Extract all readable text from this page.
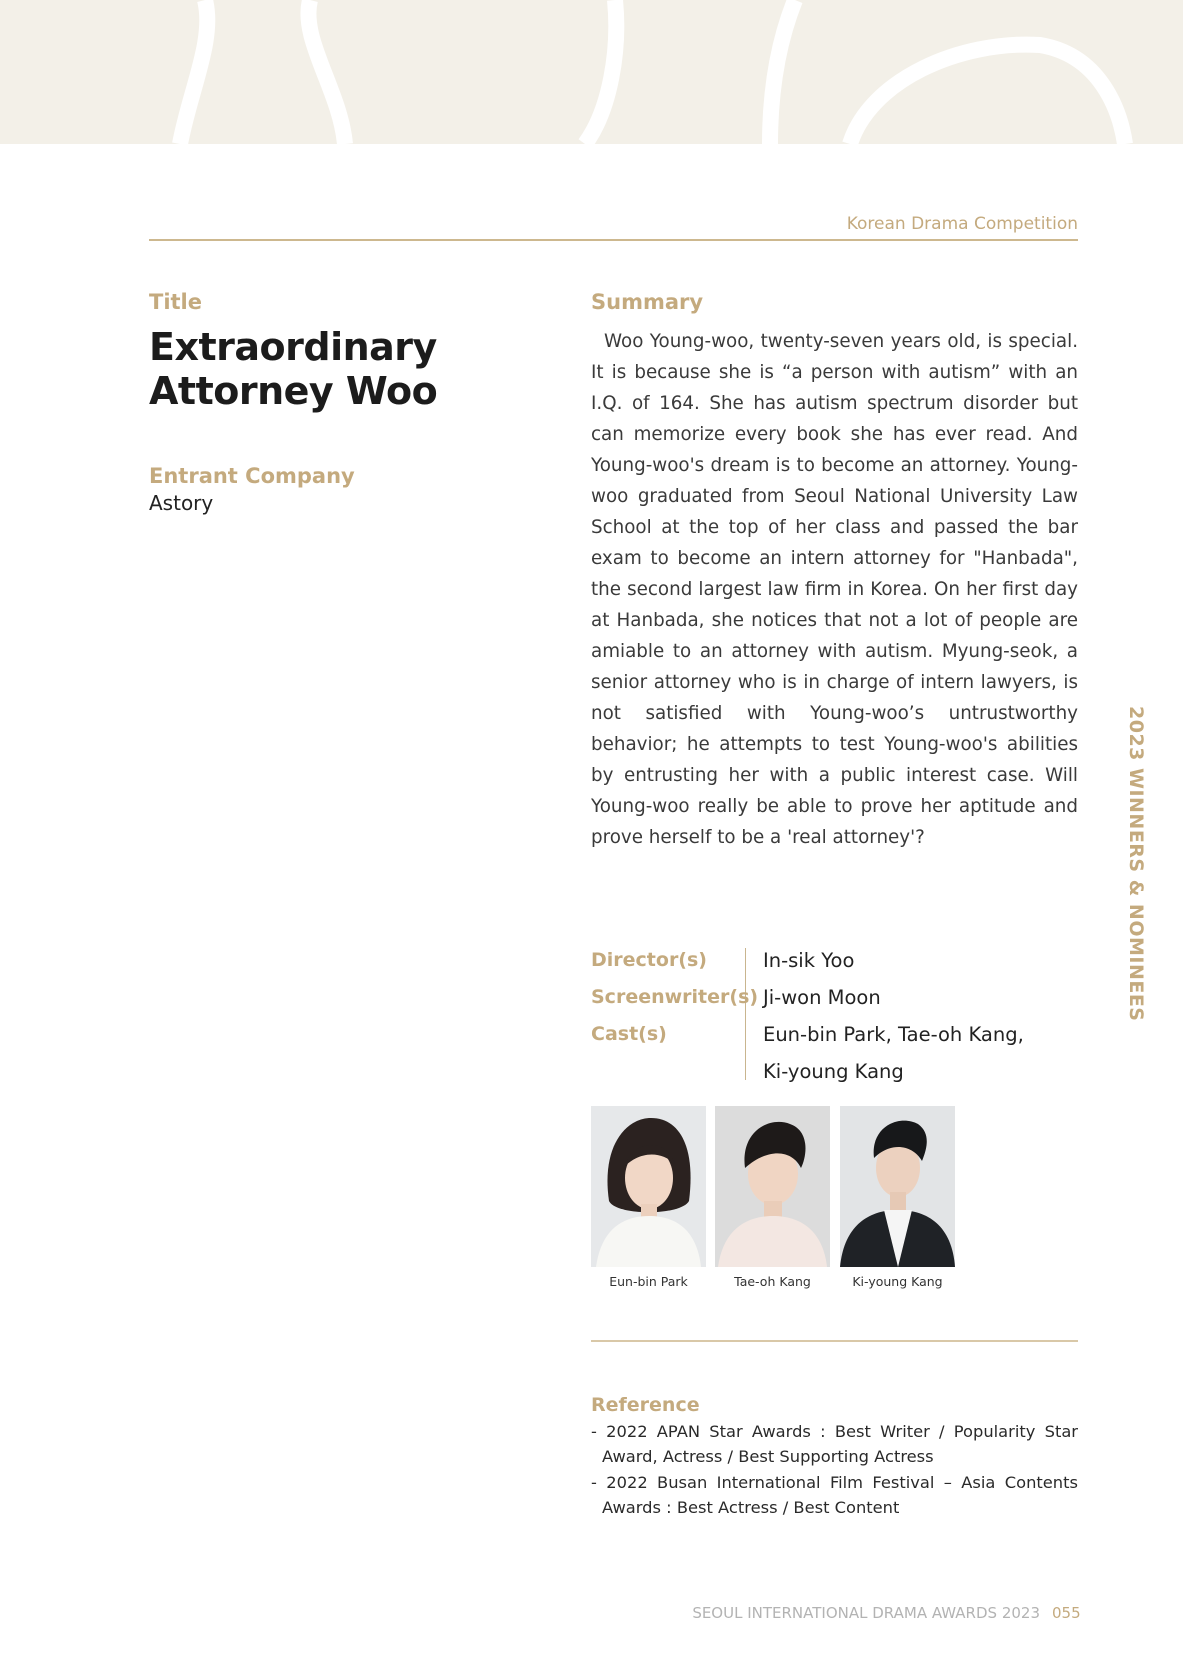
Korean Drama Competition
Title
Extraordinary
Attorney Woo
Entrant Company
Astory
Summary
Woo Young-woo, twenty-seven years old, is special. It is because she is “a person with autism” with an I.Q. of 164. She has autism spectrum disorder but can memorize every book she has ever read. And Young-woo's dream is to become an attorney. Young-woo graduated from Seoul National University Law School at the top of her class and passed the bar exam to become an intern attorney for "Hanbada", the second largest law firm in Korea. On her first day at Hanbada, she notices that not a lot of people are amiable to an attorney with autism. Myung-seok, a senior attorney who is in charge of intern lawyers, is not satisfied with Young-woo’s untrustworthy behavior; he attempts to test Young-woo's abilities by entrusting her with a public interest case. Will Young-woo really be able to prove her aptitude and prove herself to be a 'real attorney'?	2023 WINNERS & NOMINEES
Director(s)	In-sik Yoo
Screenwriter(s) Ji-won Moon
Cast(s)	Eun-bin Park, Tae-oh Kang,
Ki-young Kang
Eun-bin Park	Tae-oh Kang	Ki-young Kang
Reference
- 2022 APAN Star Awards : Best Writer / Popularity Star Award, Actress / Best Supporting Actress
- 2022 Busan International Film Festival – Asia Contents Awards : Best Actress / Best Content
SEOUL INTERNATIONAL DRAMA AWARDS 2023 055
